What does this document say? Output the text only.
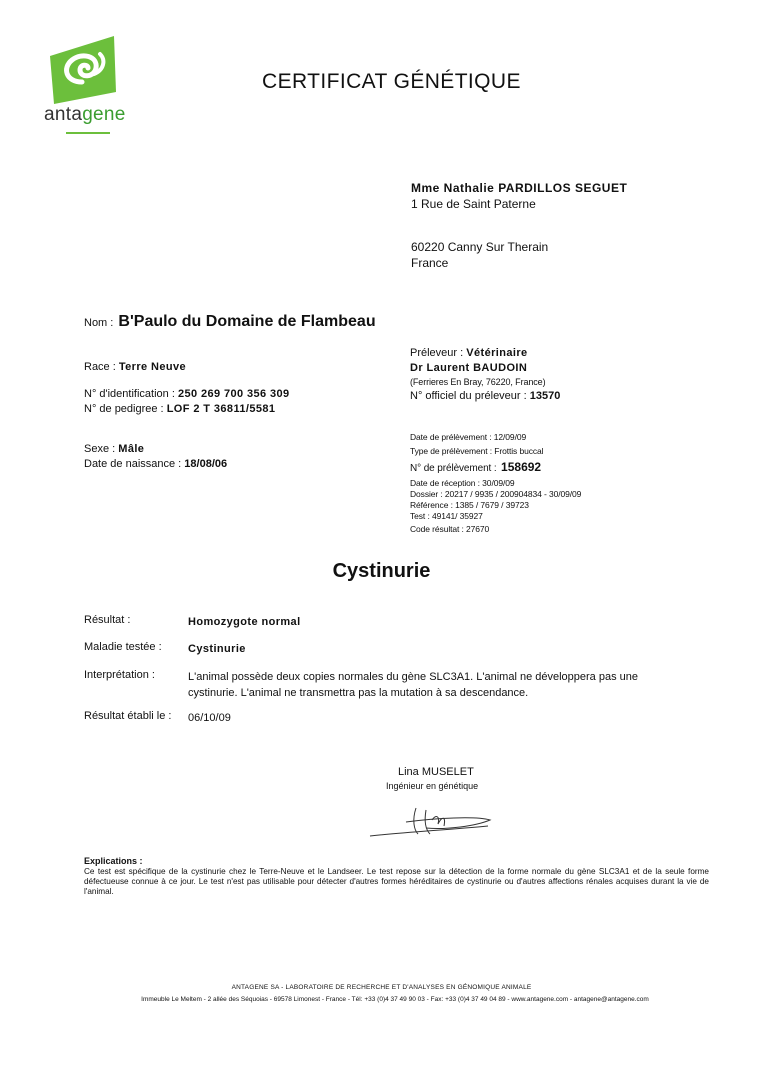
antagene
CERTIFICAT GÉNÉTIQUE
Mme Nathalie PARDILLOS SEGUET
1 Rue de Saint Paterne
60220 Canny Sur Therain
France
Nom : B'Paulo du Domaine de Flambeau
Race : Terre Neuve
N° d'identification : 250 269 700 356 309
N° de pedigree : LOF 2 T 36811/5581
Sexe : Mâle
Date de naissance : 18/08/06
Préleveur : Vétérinaire
Dr Laurent BAUDOIN
(Ferrieres En Bray, 76220, France)
N° officiel du préleveur : 13570
Date de prélèvement : 12/09/09
Type de prélèvement : Frottis buccal
N° de prélèvement : 158692
Date de réception : 30/09/09
Dossier : 20217 / 9935 / 200904834 - 30/09/09
Référence : 1385 / 7679 / 39723
Test : 49141/ 35927
Code résultat : 27670
Cystinurie
Résultat :	Homozygote normal
Maladie testée :	Cystinurie
Interprétation :	L'animal possède deux copies normales du gène SLC3A1. L'animal ne développera pas une cystinurie. L'animal ne transmettra pas la mutation à sa descendance.
Résultat établi le :	06/10/09
Lina MUSELET
Ingénieur en génétique
Explications :
Ce test est spécifique de la cystinurie chez le Terre-Neuve et le Landseer. Le test repose sur la détection de la forme normale du gène SLC3A1 et de la seule forme défectueuse connue à ce jour. Le test n'est pas utilisable pour détecter d'autres formes héréditaires de cystinurie ou d'autres affections rénales acquises durant la vie de l'animal.
ANTAGENE SA - LABORATOIRE DE RECHERCHE ET D'ANALYSES EN GÉNOMIQUE ANIMALE
Immeuble Le Meltem - 2 allée des Séquoias - 69578 Limonest - France - Tél: +33 (0)4 37 49 90 03 - Fax: +33 (0)4 37 49 04 89 - www.antagene.com - antagene@antagene.com
